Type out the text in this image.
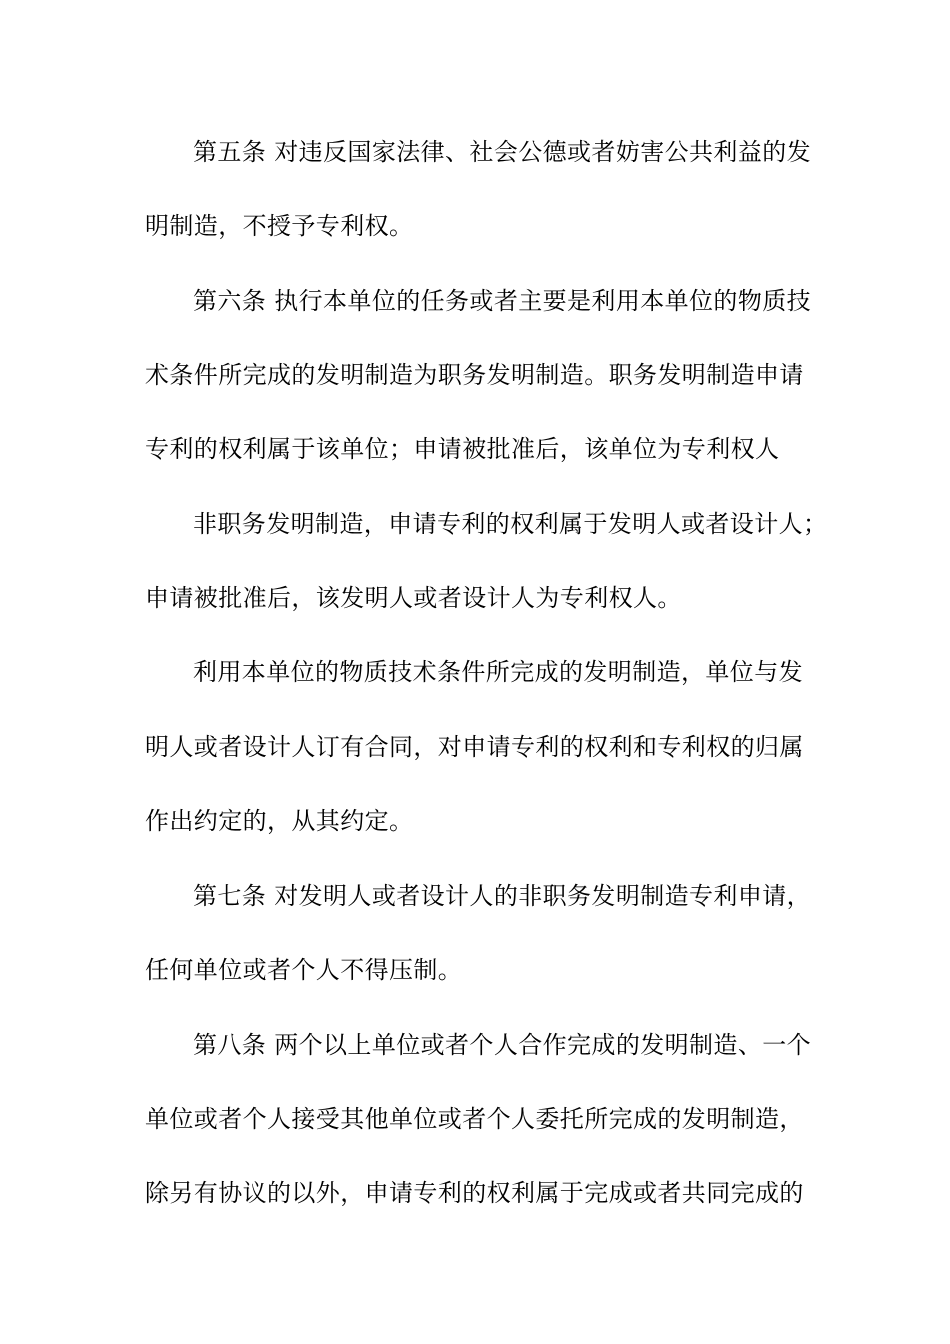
第五条 对违反国家法律、社会公德或者妨害公共利益的发
明制造，不授予专利权。
第六条 执行本单位的任务或者主要是利用本单位的物质技
术条件所完成的发明制造为职务发明制造。职务发明制造申请
专利的权利属于该单位；申请被批准后，该单位为专利权人
非职务发明制造，申请专利的权利属于发明人或者设计人；
申请被批准后，该发明人或者设计人为专利权人。
利用本单位的物质技术条件所完成的发明制造，单位与发
明人或者设计人订有合同，对申请专利的权利和专利权的归属
作出约定的，从其约定。
第七条 对发明人或者设计人的非职务发明制造专利申请，
任何单位或者个人不得压制。
第八条 两个以上单位或者个人合作完成的发明制造、一个
单位或者个人接受其他单位或者个人委托所完成的发明制造，
除另有协议的以外，申请专利的权利属于完成或者共同完成的
